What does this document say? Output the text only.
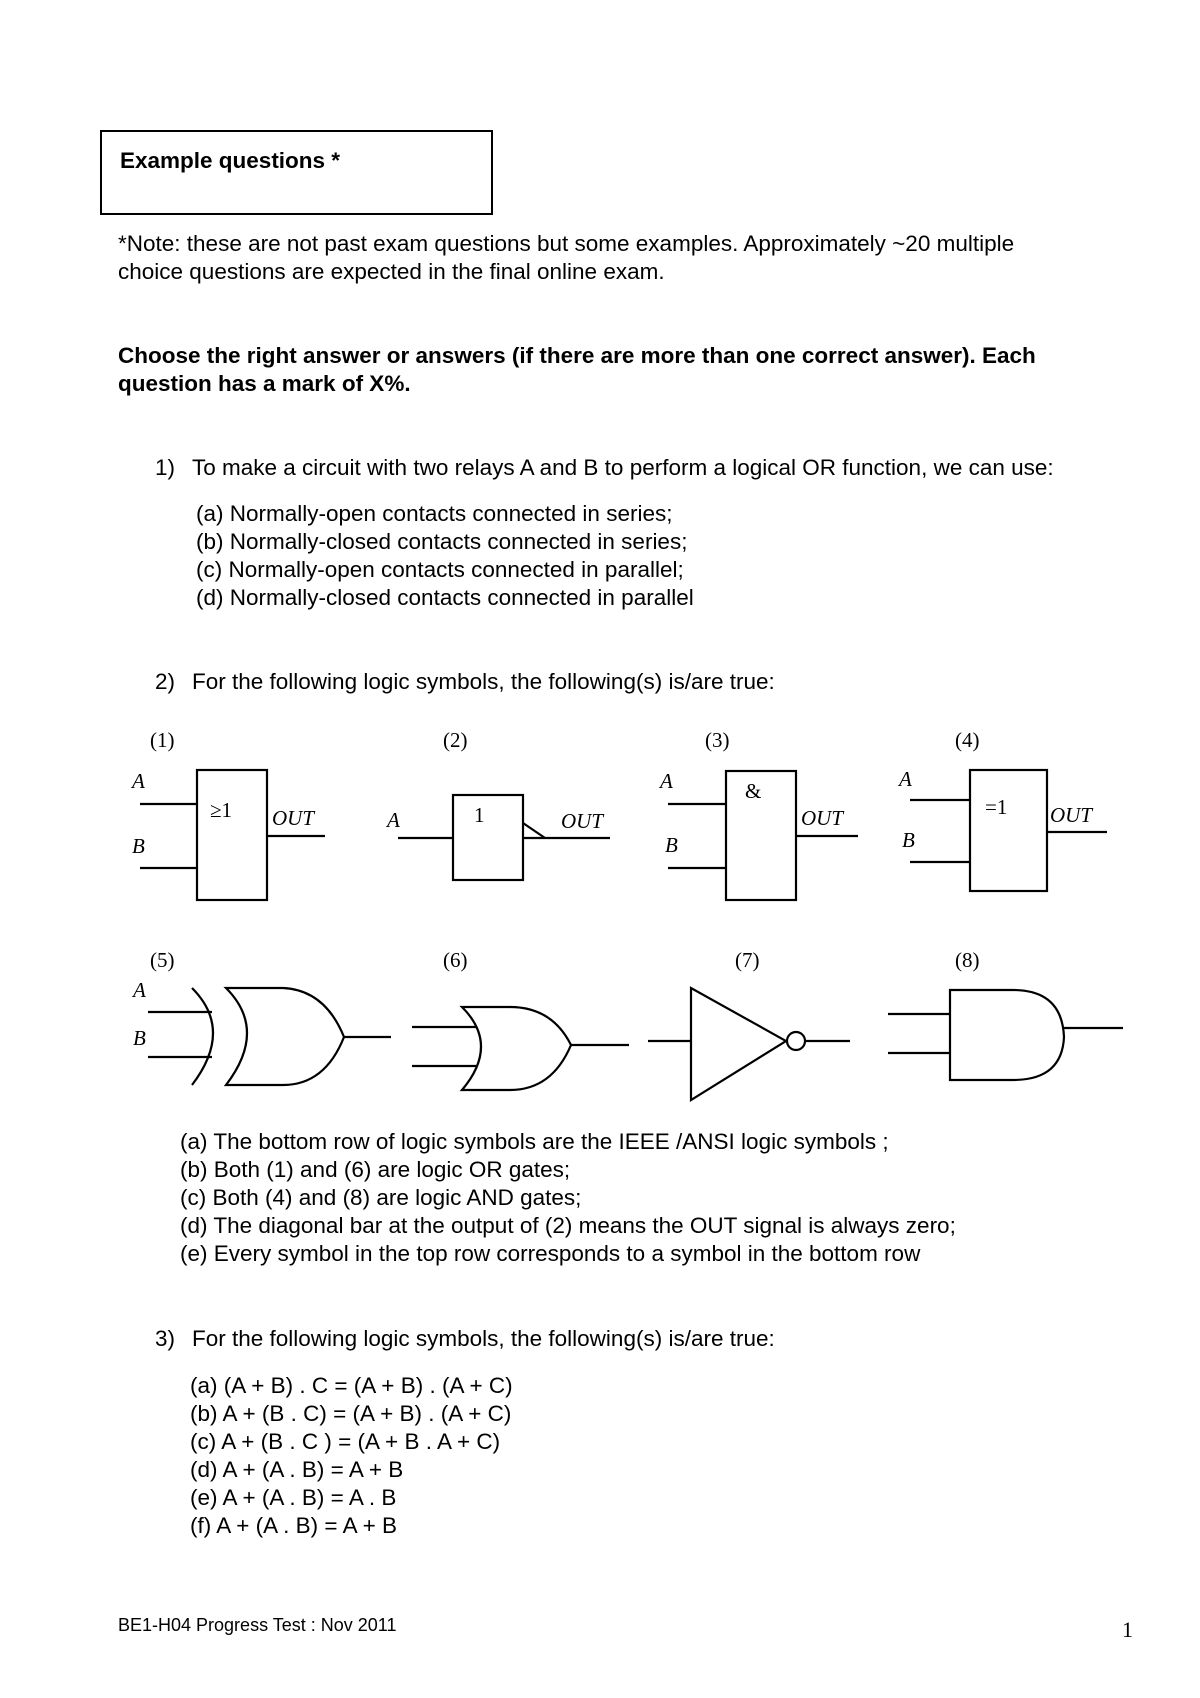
Example questions *
*Note: these are not past exam questions but some examples. Approximately ~20 multiple
choice questions are expected in the final online exam.
Choose the right answer or answers (if there are more than one correct answer). Each
question has a mark of X%.
1) To make a circuit with two relays A and B to perform a logical OR function, we can use:
(a) Normally-open contacts connected in series;
(b) Normally-closed contacts connected in series;
(c) Normally-open contacts connected in parallel;
(d) Normally-closed contacts connected in parallel
2) For the following logic symbols, the following(s) is/are true:
(1)	(2)	(3)	(4)
(5)	(6)	(7)	(8)
A
B
≥1 OUT	A	1	OUT
A
B
&
OUT
A
B
=1 OUT
A
B
(a) The bottom row of logic symbols are the IEEE /ANSI logic symbols ;
(b) Both (1) and (6) are logic OR gates;
(c) Both (4) and (8) are logic AND gates;
(d) The diagonal bar at the output of (2) means the OUT signal is always zero;
(e) Every symbol in the top row corresponds to a symbol in the bottom row
3) For the following logic symbols, the following(s) is/are true:
(a) (A + B) . C = (A + B) . (A + C)
(b) A + (B . C) = (A + B) . (A + C)
(c) A + (B . C ) = (A + B . A + C)
(d) A + (A . B) = A + B
(e) A + (A . B) = A . B
(f) A + (A . B) = A + B
BE1-H04 Progress Test : Nov 2011	1
